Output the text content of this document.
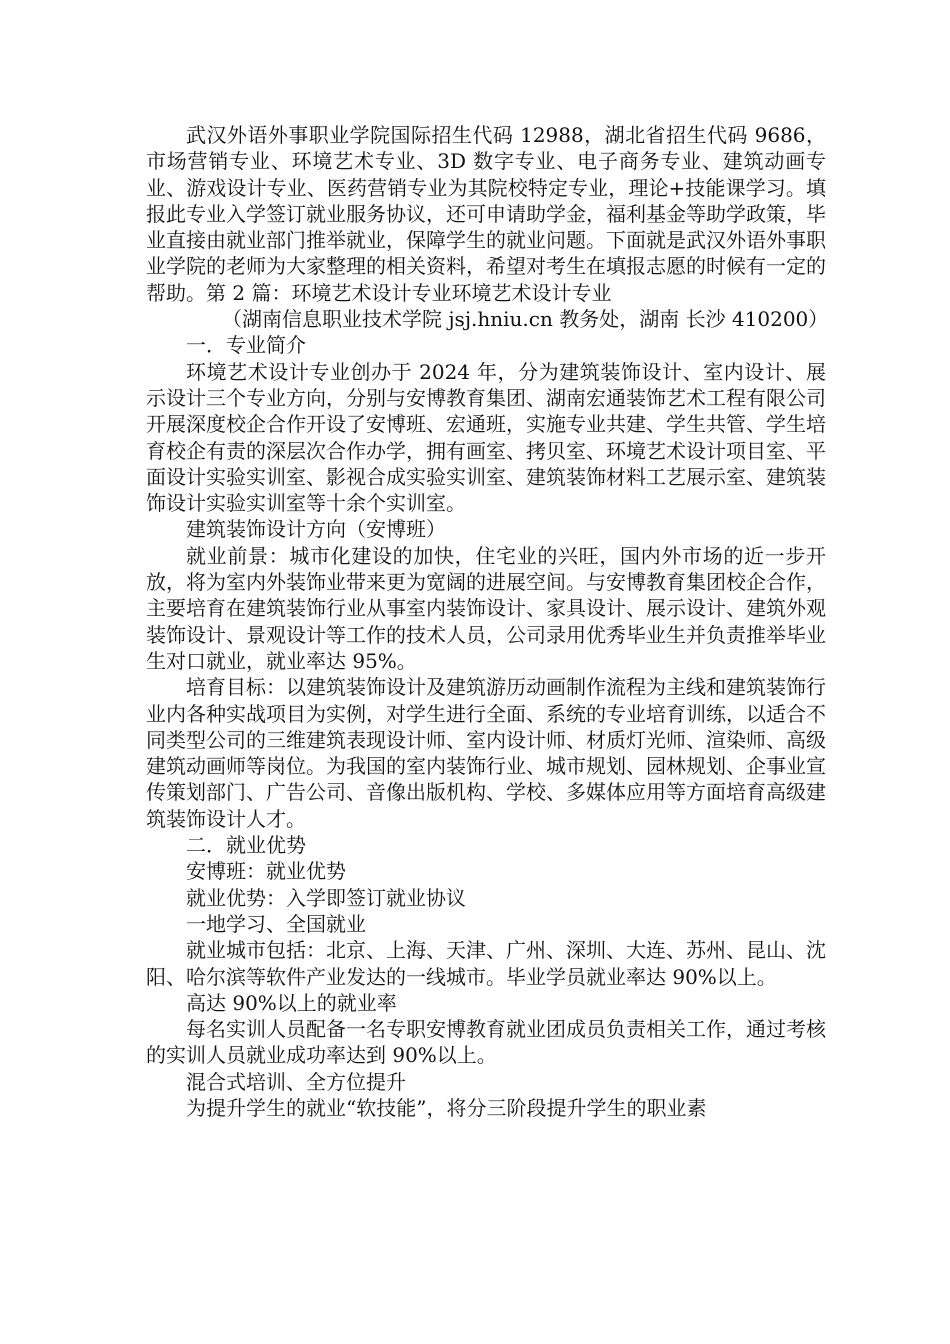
武汉外语外事职业学院国际招生代码 12988，湖北省招生代码 9686，市场营销专业、环境艺术专业、3D 数字专业、电子商务专业、建筑动画专业、游戏设计专业、医药营销专业为其院校特定专业，理论+技能课学习。填报此专业入学签订就业服务协议，还可申请助学金，福利基金等助学政策，毕业直接由就业部门推举就业，保障学生的就业问题。下面就是武汉外语外事职业学院的老师为大家整理的相关资料，希望对考生在填报志愿的时候有一定的帮助。第 2 篇：环境艺术设计专业环境艺术设计专业

（湖南信息职业技术学院 jsj.hniu.cn 教务处，湖南 长沙 410200）

一．专业简介

环境艺术设计专业创办于 2024 年，分为建筑装饰设计、室内设计、展示设计三个专业方向，分别与安博教育集团、湖南宏通装饰艺术工程有限公司开展深度校企合作开设了安博班、宏通班，实施专业共建、学生共管、学生培育校企有责的深层次合作办学，拥有画室、拷贝室、环境艺术设计项目室、平面设计实验实训室、影视合成实验实训室、建筑装饰材料工艺展示室、建筑装饰设计实验实训室等十余个实训室。

建筑装饰设计方向（安博班）

就业前景：城市化建设的加快，住宅业的兴旺，国内外市场的近一步开放，将为室内外装饰业带来更为宽阔的进展空间。与安博教育集团校企合作，主要培育在建筑装饰行业从事室内装饰设计、家具设计、展示设计、建筑外观装饰设计、景观设计等工作的技术人员，公司录用优秀毕业生并负责推举毕业生对口就业，就业率达 95%。

培育目标：以建筑装饰设计及建筑游历动画制作流程为主线和建筑装饰行业内各种实战项目为实例，对学生进行全面、系统的专业培育训练，以适合不同类型公司的三维建筑表现设计师、室内设计师、材质灯光师、渲染师、高级建筑动画师等岗位。为我国的室内装饰行业、城市规划、园林规划、企事业宣传策划部门、广告公司、音像出版机构、学校、多媒体应用等方面培育高级建筑装饰设计人才。

二．就业优势

安博班：就业优势

就业优势：入学即签订就业协议

一地学习、全国就业

就业城市包括：北京、上海、天津、广州、深圳、大连、苏州、昆山、沈阳、哈尔滨等软件产业发达的一线城市。毕业学员就业率达 90%以上。

高达 90%以上的就业率

每名实训人员配备一名专职安博教育就业团成员负责相关工作，通过考核的实训人员就业成功率达到 90%以上。

混合式培训、全方位提升

为提升学生的就业“软技能”，将分三阶段提升学生的职业素
